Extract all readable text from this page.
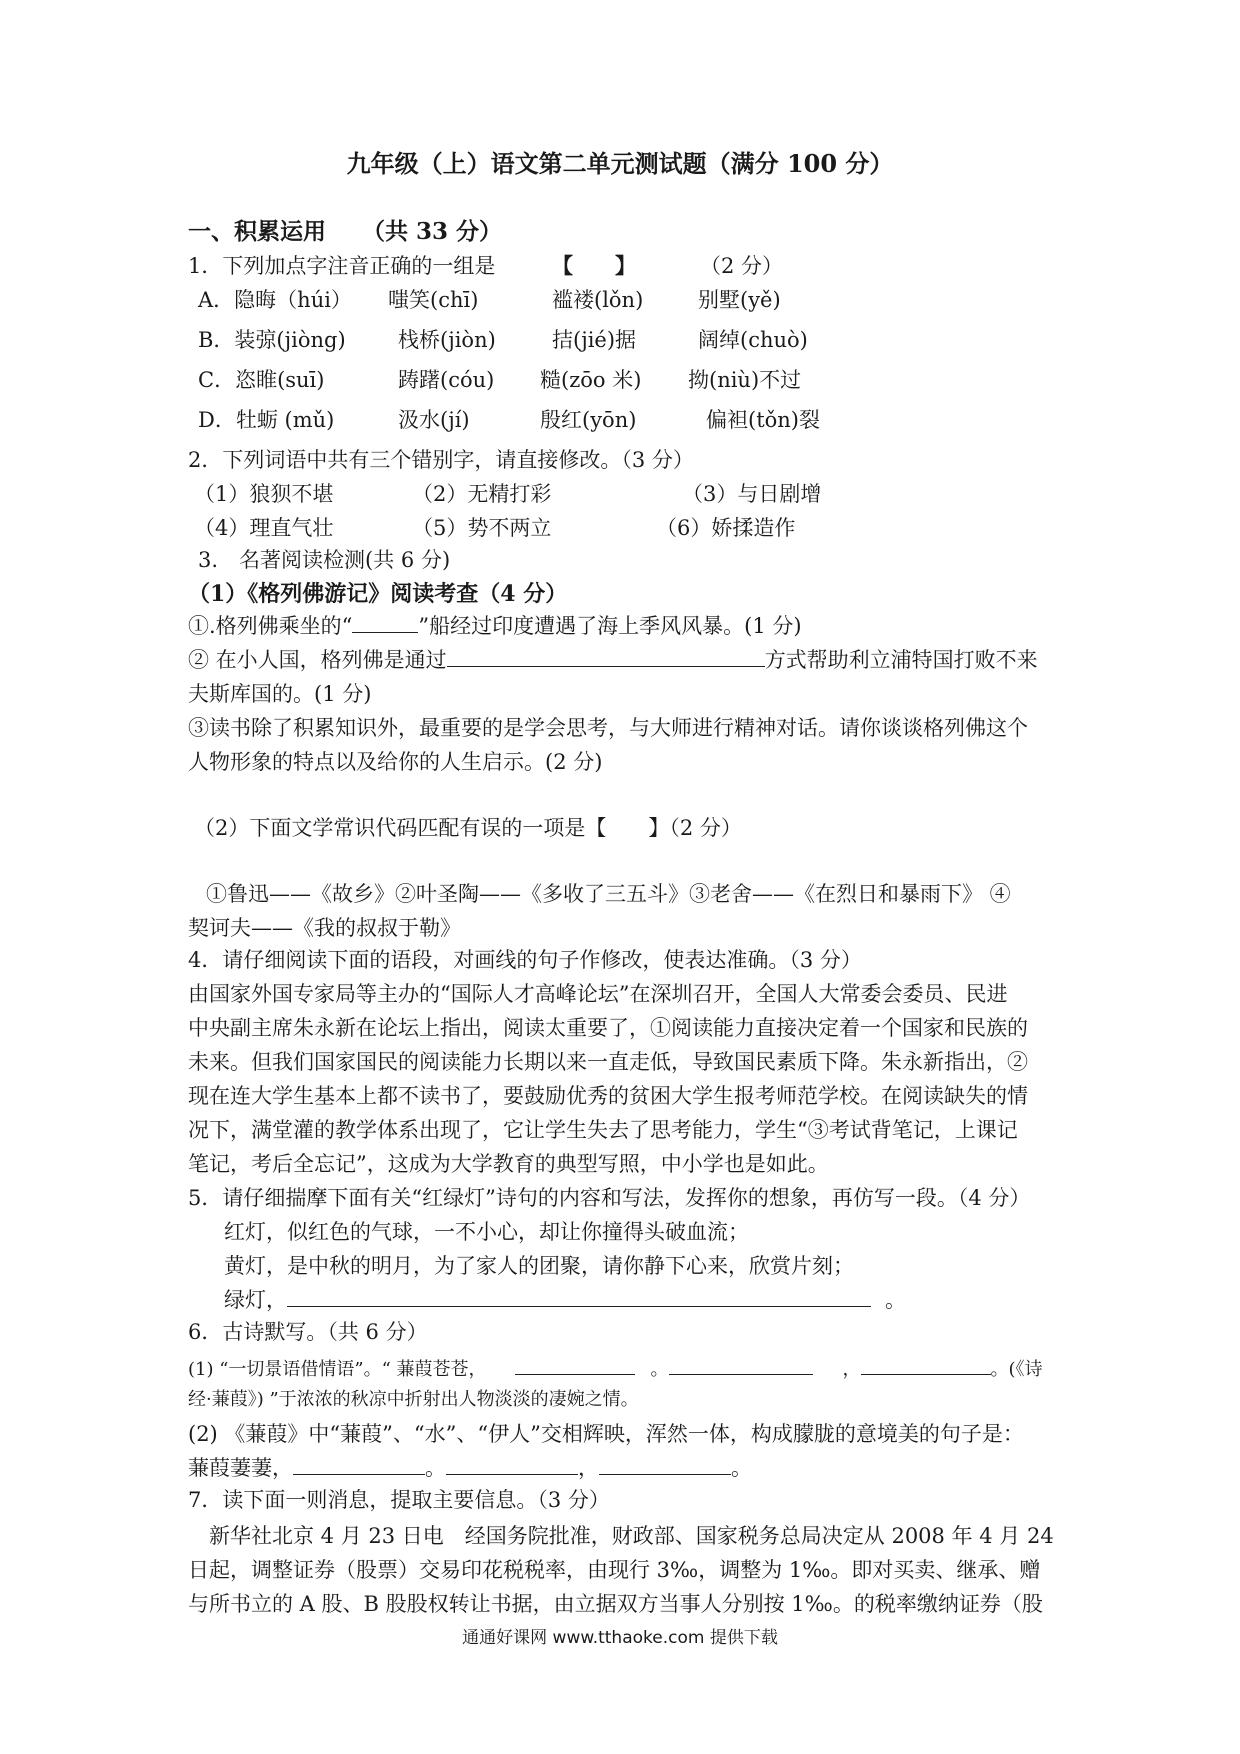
九年级（上）语文第二单元测试题（满分 100 分）
一、积累运用 （共 33 分）
1．下列加点字注音正确的一组是	【　　】	（2 分）
A．隐晦（húi） 嗤笑(chī)	褴褛(lǒn)	别墅(yě)
B．装弶(jiòng) 栈桥(jiòn)	拮(jié)据	阔绰(chuò)
C．恣睢(suī)	踌躇(cóu) 糙(zōo 米) 拗(niù)不过
D．牡蛎 (mǔ)	汲水(jí)	殷红(yōn)	偏袒(tǒn)裂
2．下列词语中共有三个错别字，请直接修改。（3 分）
（1）狼狈不堪	（2）无精打彩	（3）与日剧增
（4）理直气壮	（5）势不两立	（6）娇揉造作
3.　名著阅读检测(共 6 分)
（1）《格列佛游记》阅读考查（4 分）
①.格列佛乘坐的“	”船经过印度遭遇了海上季风风暴。(1 分)
② 在小人国，格列佛是通过	方式帮助利立浦特国打败不来
夫斯库国的。(1 分)
③读书除了积累知识外，最重要的是学会思考，与大师进行精神对话。请你谈谈格列佛这个
人物形象的特点以及给你的人生启示。(2 分)
（2）下面文学常识代码匹配有误的一项是【　　】（2 分）
①鲁迅——《故乡》②叶圣陶——《多收了三五斗》③老舍——《在烈日和暴雨下》 ④
契诃夫——《我的叔叔于勒》
4．请仔细阅读下面的语段，对画线的句子作修改，使表达准确。（3 分）
由国家外国专家局等主办的“国际人才高峰论坛”在深圳召开，全国人大常委会委员、民进
中央副主席朱永新在论坛上指出，阅读太重要了，①阅读能力直接决定着一个国家和民族的
未来。但我们国家国民的阅读能力长期以来一直走低，导致国民素质下降。朱永新指出，②
现在连大学生基本上都不读书了，要鼓励优秀的贫困大学生报考师范学校。在阅读缺失的情
况下，满堂灌的教学体系出现了，它让学生失去了思考能力，学生“③考试背笔记，上课记
笔记，考后全忘记”，这成为大学教育的典型写照，中小学也是如此。
5．请仔细揣摩下面有关“红绿灯”诗句的内容和写法，发挥你的想象，再仿写一段。（4 分）
红灯，似红色的气球，一不小心，却让你撞得头破血流；
黄灯，是中秋的明月，为了家人的团聚，请你静下心来，欣赏片刻；
绿灯，	。
6．古诗默写。（共 6 分）
(1) “一切景语借情语”。“ 蒹葭苍苍，	。	，	。(《诗
经·蒹葭》) ”于浓浓的秋凉中折射出人物淡淡的凄婉之情。
(2) 《蒹葭》中“蒹葭”、“水”、“伊人”交相辉映，浑然一体，构成朦胧的意境美的句子是：
蒹葭萋萋，	。	，	。
7．读下面一则消息，提取主要信息。（3 分）
　新华社北京 4 月 23 日电　经国务院批准，财政部、国家税务总局决定从 2008 年 4 月 24
日起，调整证券（股票）交易印花税税率，由现行 3‰，调整为 1‰。即对买卖、继承、赠
与所书立的 A 股、B 股股权转让书据，由立据双方当事人分别按 1‰。的税率缴纳证券（股
通通好课网 www.tthaoke.com 提供下载
